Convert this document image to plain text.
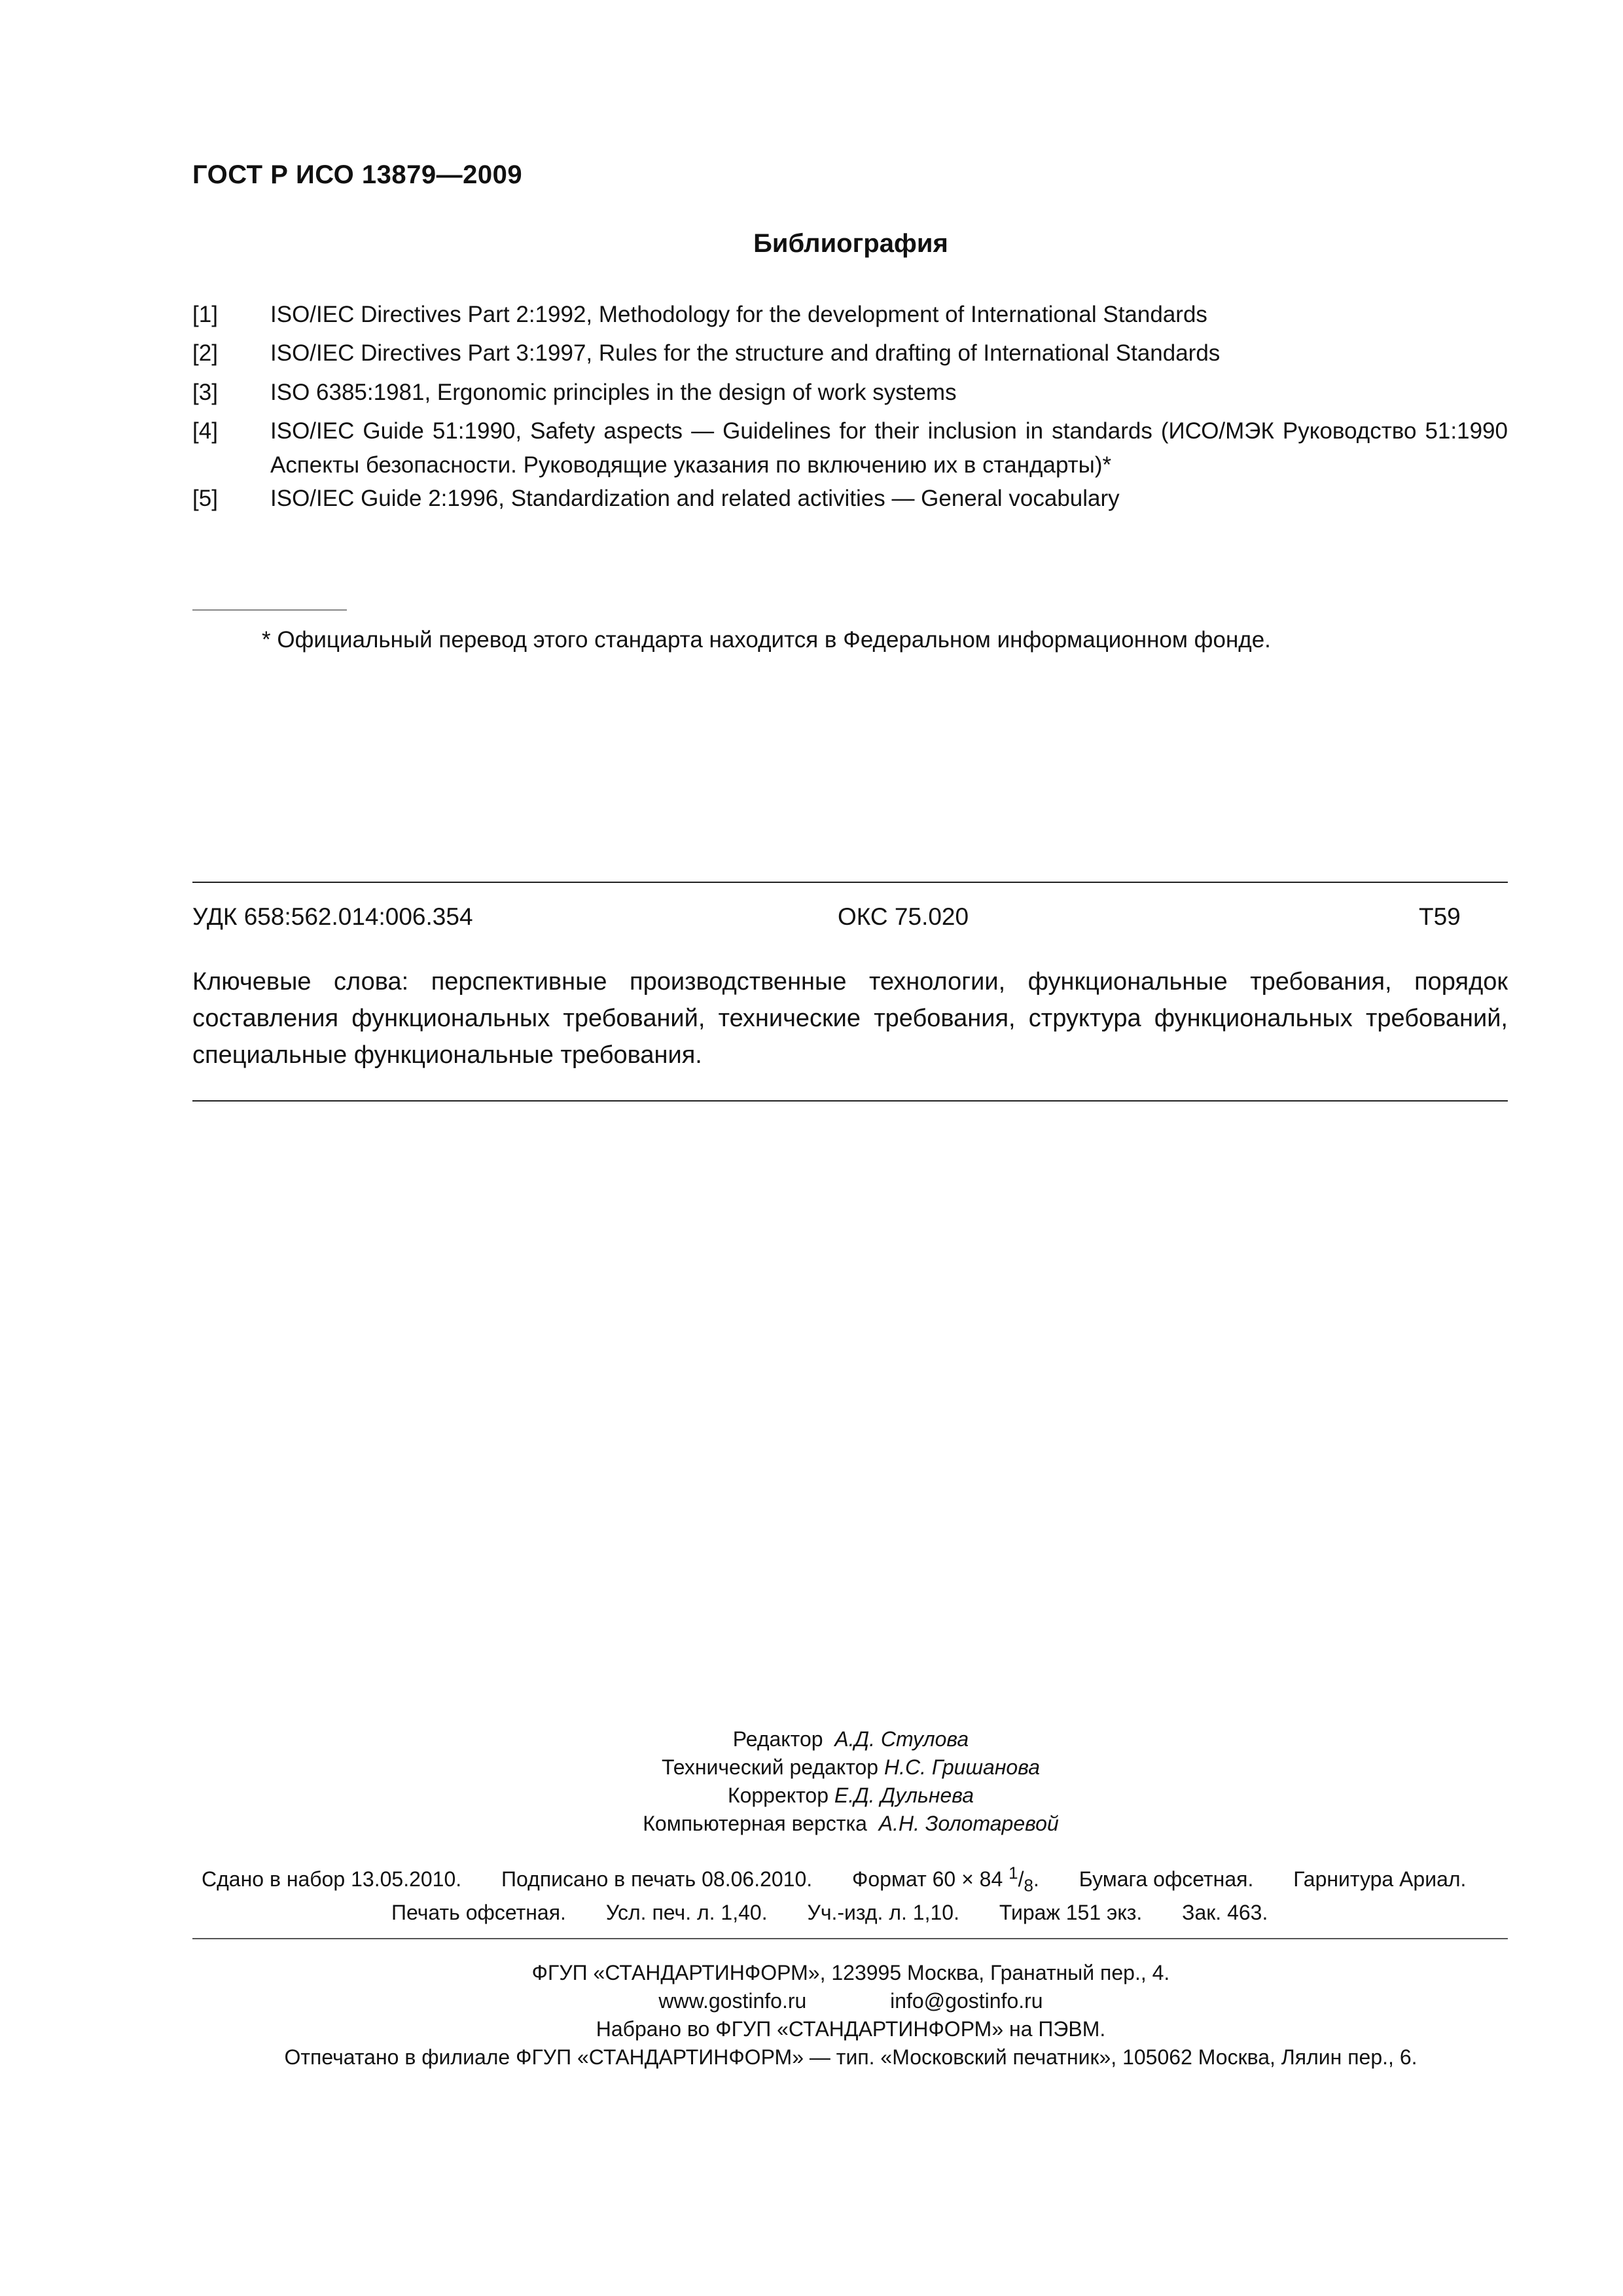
ГОСТ Р ИСО 13879—2009
Библиография
[1] ISO/IEC Directives Part 2:1992, Methodology for the development of International Standards
[2] ISO/IEC Directives Part 3:1997, Rules for the structure and drafting of International Standards
[3] ISO 6385:1981, Ergonomic principles in the design of work systems
[4] ISO/IEC Guide 51:1990, Safety aspects — Guidelines for their inclusion in standards (ИСО/МЭК Руководство 51:1990 Аспекты безопасности. Руководящие указания по включению их в стандарты)*
[5] ISO/IEC Guide 2:1996, Standardization and related activities — General vocabulary
* Официальный перевод этого стандарта находится в Федеральном информационном фонде.
УДК 658:562.014:006.354	ОКС 75.020	Т59
Ключевые слова: перспективные производственные технологии, функциональные требования, порядок составления функциональных требований, технические требования, структура функциональных требований, специальные функциональные требования.
Редактор А.Д. Стулова
Технический редактор Н.С. Гришанова
Корректор Е.Д. Дульнева
Компьютерная верстка А.Н. Золотаревой
Сдано в набор 13.05.2010. Подписано в печать 08.06.2010. Формат 60 × 84 $^1/_8$. Бумага офсетная. Гарнитура Ариал.
Печать офсетная. Усл. печ. л. 1,40. Уч.-изд. л. 1,10. Тираж 151 экз. Зак. 463.
ФГУП «СТАНДАРТИНФОРМ», 123995 Москва, Гранатный пер., 4.
www.gostinfo.ru	info@gostinfo.ru
Набрано во ФГУП «СТАНДАРТИНФОРМ» на ПЭВМ.
Отпечатано в филиале ФГУП «СТАНДАРТИНФОРМ» — тип. «Московский печатник», 105062 Москва, Лялин пер., 6.
